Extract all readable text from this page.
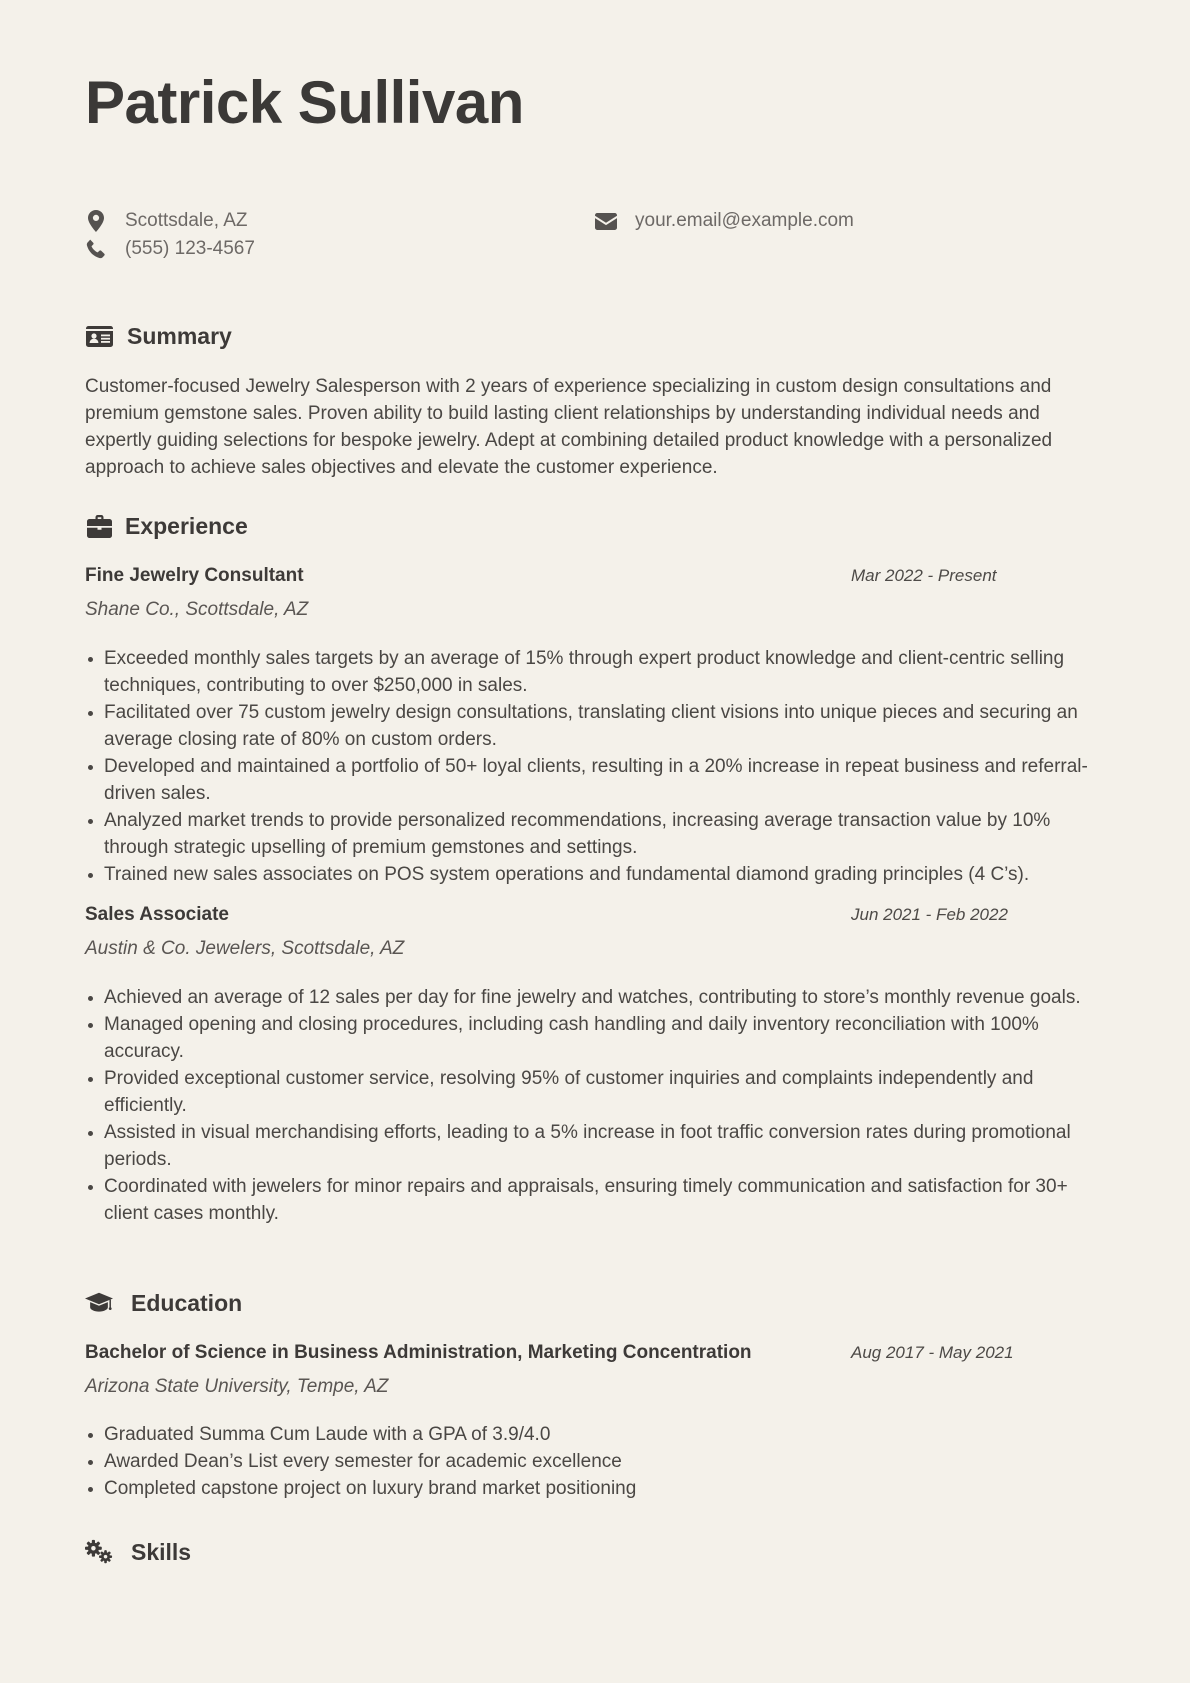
Patrick Sullivan
Scottsdale, AZ
(555) 123-4567
your.email@example.com
Summary

Customer-focused Jewelry Salesperson with 2 years of experience specializing in custom design consultations and premium gemstone sales. Proven ability to build lasting client relationships by understanding individual needs and expertly guiding selections for bespoke jewelry. Adept at combining detailed product knowledge with a personalized approach to achieve sales objectives and elevate the customer experience.

Experience
Fine Jewelry Consultant	Mar 2022 - Present
Shane Co., Scottsdale, AZ
Exceeded monthly sales targets by an average of 15% through expert product knowledge and client-centric selling techniques, contributing to over $250,000 in sales.
Facilitated over 75 custom jewelry design consultations, translating client visions into unique pieces and securing an average closing rate of 80% on custom orders.
Developed and maintained a portfolio of 50+ loyal clients, resulting in a 20% increase in repeat business and referral-driven sales.
Analyzed market trends to provide personalized recommendations, increasing average transaction value by 10% through strategic upselling of premium gemstones and settings.
Trained new sales associates on POS system operations and fundamental diamond grading principles (4 C’s).
Sales Associate	Jun 2021 - Feb 2022
Austin & Co. Jewelers, Scottsdale, AZ
Achieved an average of 12 sales per day for fine jewelry and watches, contributing to store’s monthly revenue goals.
Managed opening and closing procedures, including cash handling and daily inventory reconciliation with 100% accuracy.
Provided exceptional customer service, resolving 95% of customer inquiries and complaints independently and efficiently.
Assisted in visual merchandising efforts, leading to a 5% increase in foot traffic conversion rates during promotional periods.
Coordinated with jewelers for minor repairs and appraisals, ensuring timely communication and satisfaction for 30+ client cases monthly.
Education
Bachelor of Science in Business Administration, Marketing Concentration	Aug 2017 - May 2021
Arizona State University, Tempe, AZ
Graduated Summa Cum Laude with a GPA of 3.9/4.0
Awarded Dean’s List every semester for academic excellence
Completed capstone project on luxury brand market positioning
Skills
